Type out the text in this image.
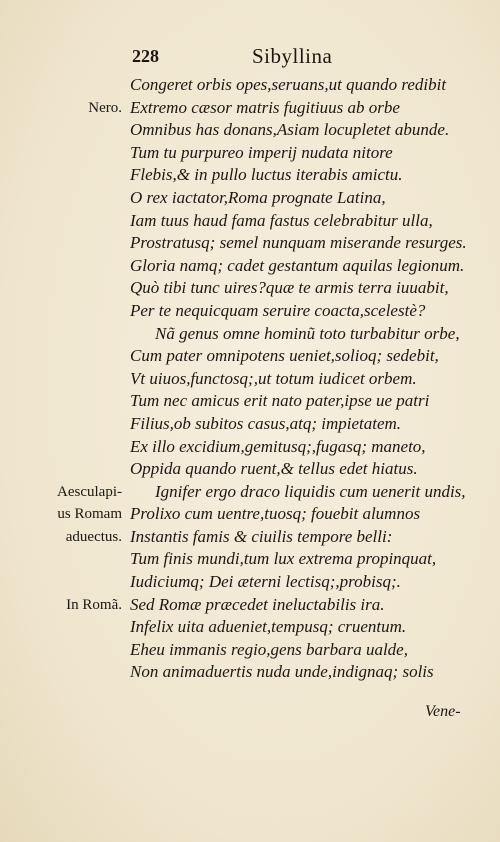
228	Sibyllina
Congeret orbis opes,seruans,ut quando redibit
Nero. Extremo cæsor matris fugitiuus ab orbe
Omnibus has donans,Asiam locupletet abunde.
Tum tu purpureo imperij nudata nitore
Flebis,& in pullo luctus iterabis amictu.
O rex iactator,Roma prognate Latina,
Iam tuus haud fama fastus celebrabitur ulla,
Prostratusq; semel nunquam miserande resurges.
Gloria namq; cadet gestantum aquilas legionum.
Quò tibi tunc uires?quæ te armis terra iuuabit,
Per te nequicquam seruire coacta,scelestè?
Nã genus omne hominũ toto turbabitur orbe,
Cum pater omnipotens ueniet,solioq; sedebit,
Vt uiuos,functosq;,ut totum iudicet orbem.
Tum nec amicus erit nato pater,ipse ue patri
Filius,ob subitos casus,atq; impietatem.
Ex illo excidium,gemitusq;,fugasq; maneto,
Oppida quando ruent,& tellus edet hiatus.
Aesculapi- Ignifer ergo draco liquidis cum uenerit undis,
us Romam Prolixo cum uentre,tuosq; fouebit alumnos
aduectus. Instantis famis & ciuilis tempore belli:
Tum finis mundi,tum lux extrema propinquat,
Iudiciumq; Dei æterni lectisq;,probisq;.
In Romã. Sed Romæ præcedet ineluctabilis ira.
Infelix uita adueniet,tempusq; cruentum.
Eheu immanis regio,gens barbara ualde,
Non animaduertis nuda unde,indignaq; solis
Vene-
